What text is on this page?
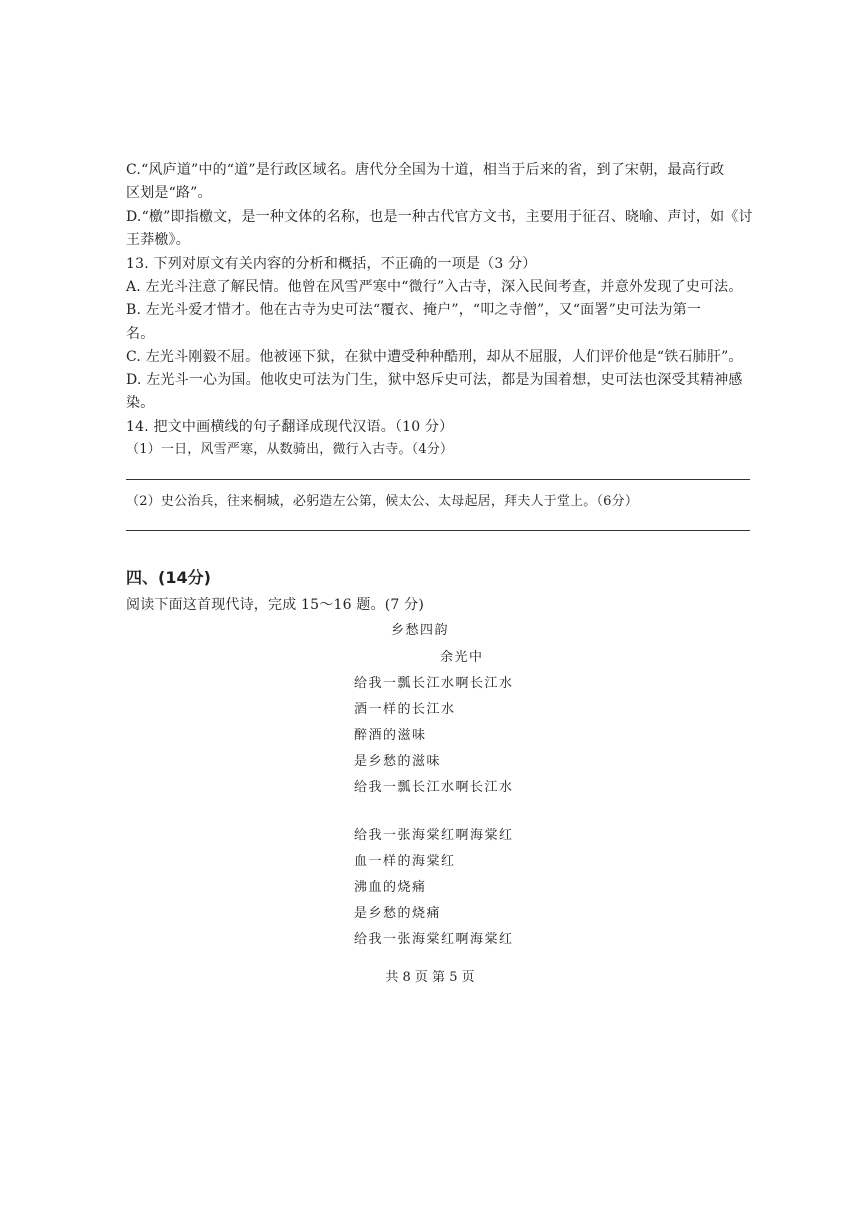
C.“风庐道”中的“道”是行政区域名。唐代分全国为十道，相当于后来的省，到了宋朝，最高行政
区划是“路”。
D.“檄”即指檄文，是一种文体的名称，也是一种古代官方文书，主要用于征召、晓喻、声讨，如《讨
王莽檄》。
13. 下列对原文有关内容的分析和概括，不正确的一项是（3 分）
A. 左光斗注意了解民情。他曾在风雪严寒中“微行”入古寺，深入民间考查，并意外发现了史可法。
B. 左光斗爱才惜才。他在古寺为史可法“覆衣、掩户”，“叩之寺僧”，又“面署”史可法为第一
名。
C. 左光斗刚毅不屈。他被诬下狱，在狱中遭受种种酷刑，却从不屈服，人们评价他是“铁石肺肝”。
D. 左光斗一心为国。他收史可法为门生，狱中怒斥史可法，都是为国着想，史可法也深受其精神感
染。
14. 把文中画横线的句子翻译成现代汉语。（10 分）
（1）一日，风雪严寒，从数骑出，微行入古寺。（4分）
（2）史公治兵，往来桐城，必躬造左公第，候太公、太母起居，拜夫人于堂上。（6分）
四、(14分)
阅读下面这首现代诗，完成 15～16 题。(7 分)
乡愁四韵
余光中
给我一瓢长江水啊长江水
酒一样的长江水
醉酒的滋味
是乡愁的滋味
给我一瓢长江水啊长江水
给我一张海棠红啊海棠红
血一样的海棠红
沸血的烧痛
是乡愁的烧痛
给我一张海棠红啊海棠红
共 8 页 第 5 页
